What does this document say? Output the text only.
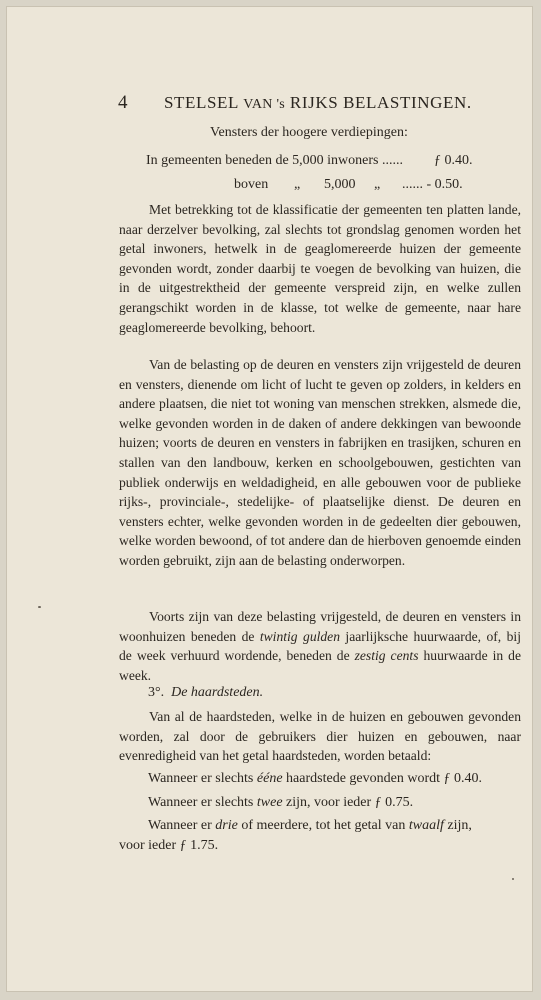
4 STELSEL VAN 's RIJKS BELASTINGEN.
Vensters der hoogere verdiepingen:
In gemeenten beneden de 5,000 inwoners ...... ƒ 0.40.
boven „ 5,000 „ ...... - 0.50.

Met betrekking tot de klassificatie der gemeenten ten platten lande, naar derzelver bevolking, zal slechts tot grondslag genomen worden het getal inwoners, hetwelk in de geaglomereerde huizen der gemeente gevonden wordt, zonder daarbij te voegen de bevolking van huizen, die in de uitgestrektheid der gemeente verspreid zijn, en welke zullen gerangschikt worden in de klasse, tot welke de gemeente, naar hare geaglomereerde bevolking, behoort.

Van de belasting op de deuren en vensters zijn vrijgesteld de deuren en vensters, dienende om licht of lucht te geven op zolders, in kelders en andere plaatsen, die niet tot woning van menschen strekken, alsmede die, welke gevonden worden in de daken of andere dekkingen van bewoonde huizen; voorts de deuren en vensters in fabrijken en trasijken, schuren en stallen van den landbouw, kerken en schoolgebouwen, gestichten van publiek onderwijs en weldadigheid, en alle gebouwen voor de publieke rijks-, provinciale-, stedelijke- of plaatselijke dienst. De deuren en vensters echter, welke gevonden worden in de gedeelten dier gebouwen, welke worden bewoond, of tot andere dan de hierboven genoemde einden worden gebruikt, zijn aan de belasting onderworpen.

Voorts zijn van deze belasting vrijgesteld, de deuren en vensters in woonhuizen beneden de twintig gulden jaarlijksche huurwaarde, of, bij de week verhuurd wordende, beneden de zestig cents huurwaarde in de week.

3°. De haardsteden.

Van al de haardsteden, welke in de huizen en gebouwen gevonden worden, zal door de gebruikers dier huizen en gebouwen, naar evenredigheid van het getal haardsteden, worden betaald:

Wanneer er slechts ééne haardstede gevonden wordt ƒ 0.40.
Wanneer er slechts twee zijn, voor ieder ƒ 0.75.
Wanneer er drie of meerdere, tot het getal van twaalf zijn,
voor ieder ƒ 1.75.
